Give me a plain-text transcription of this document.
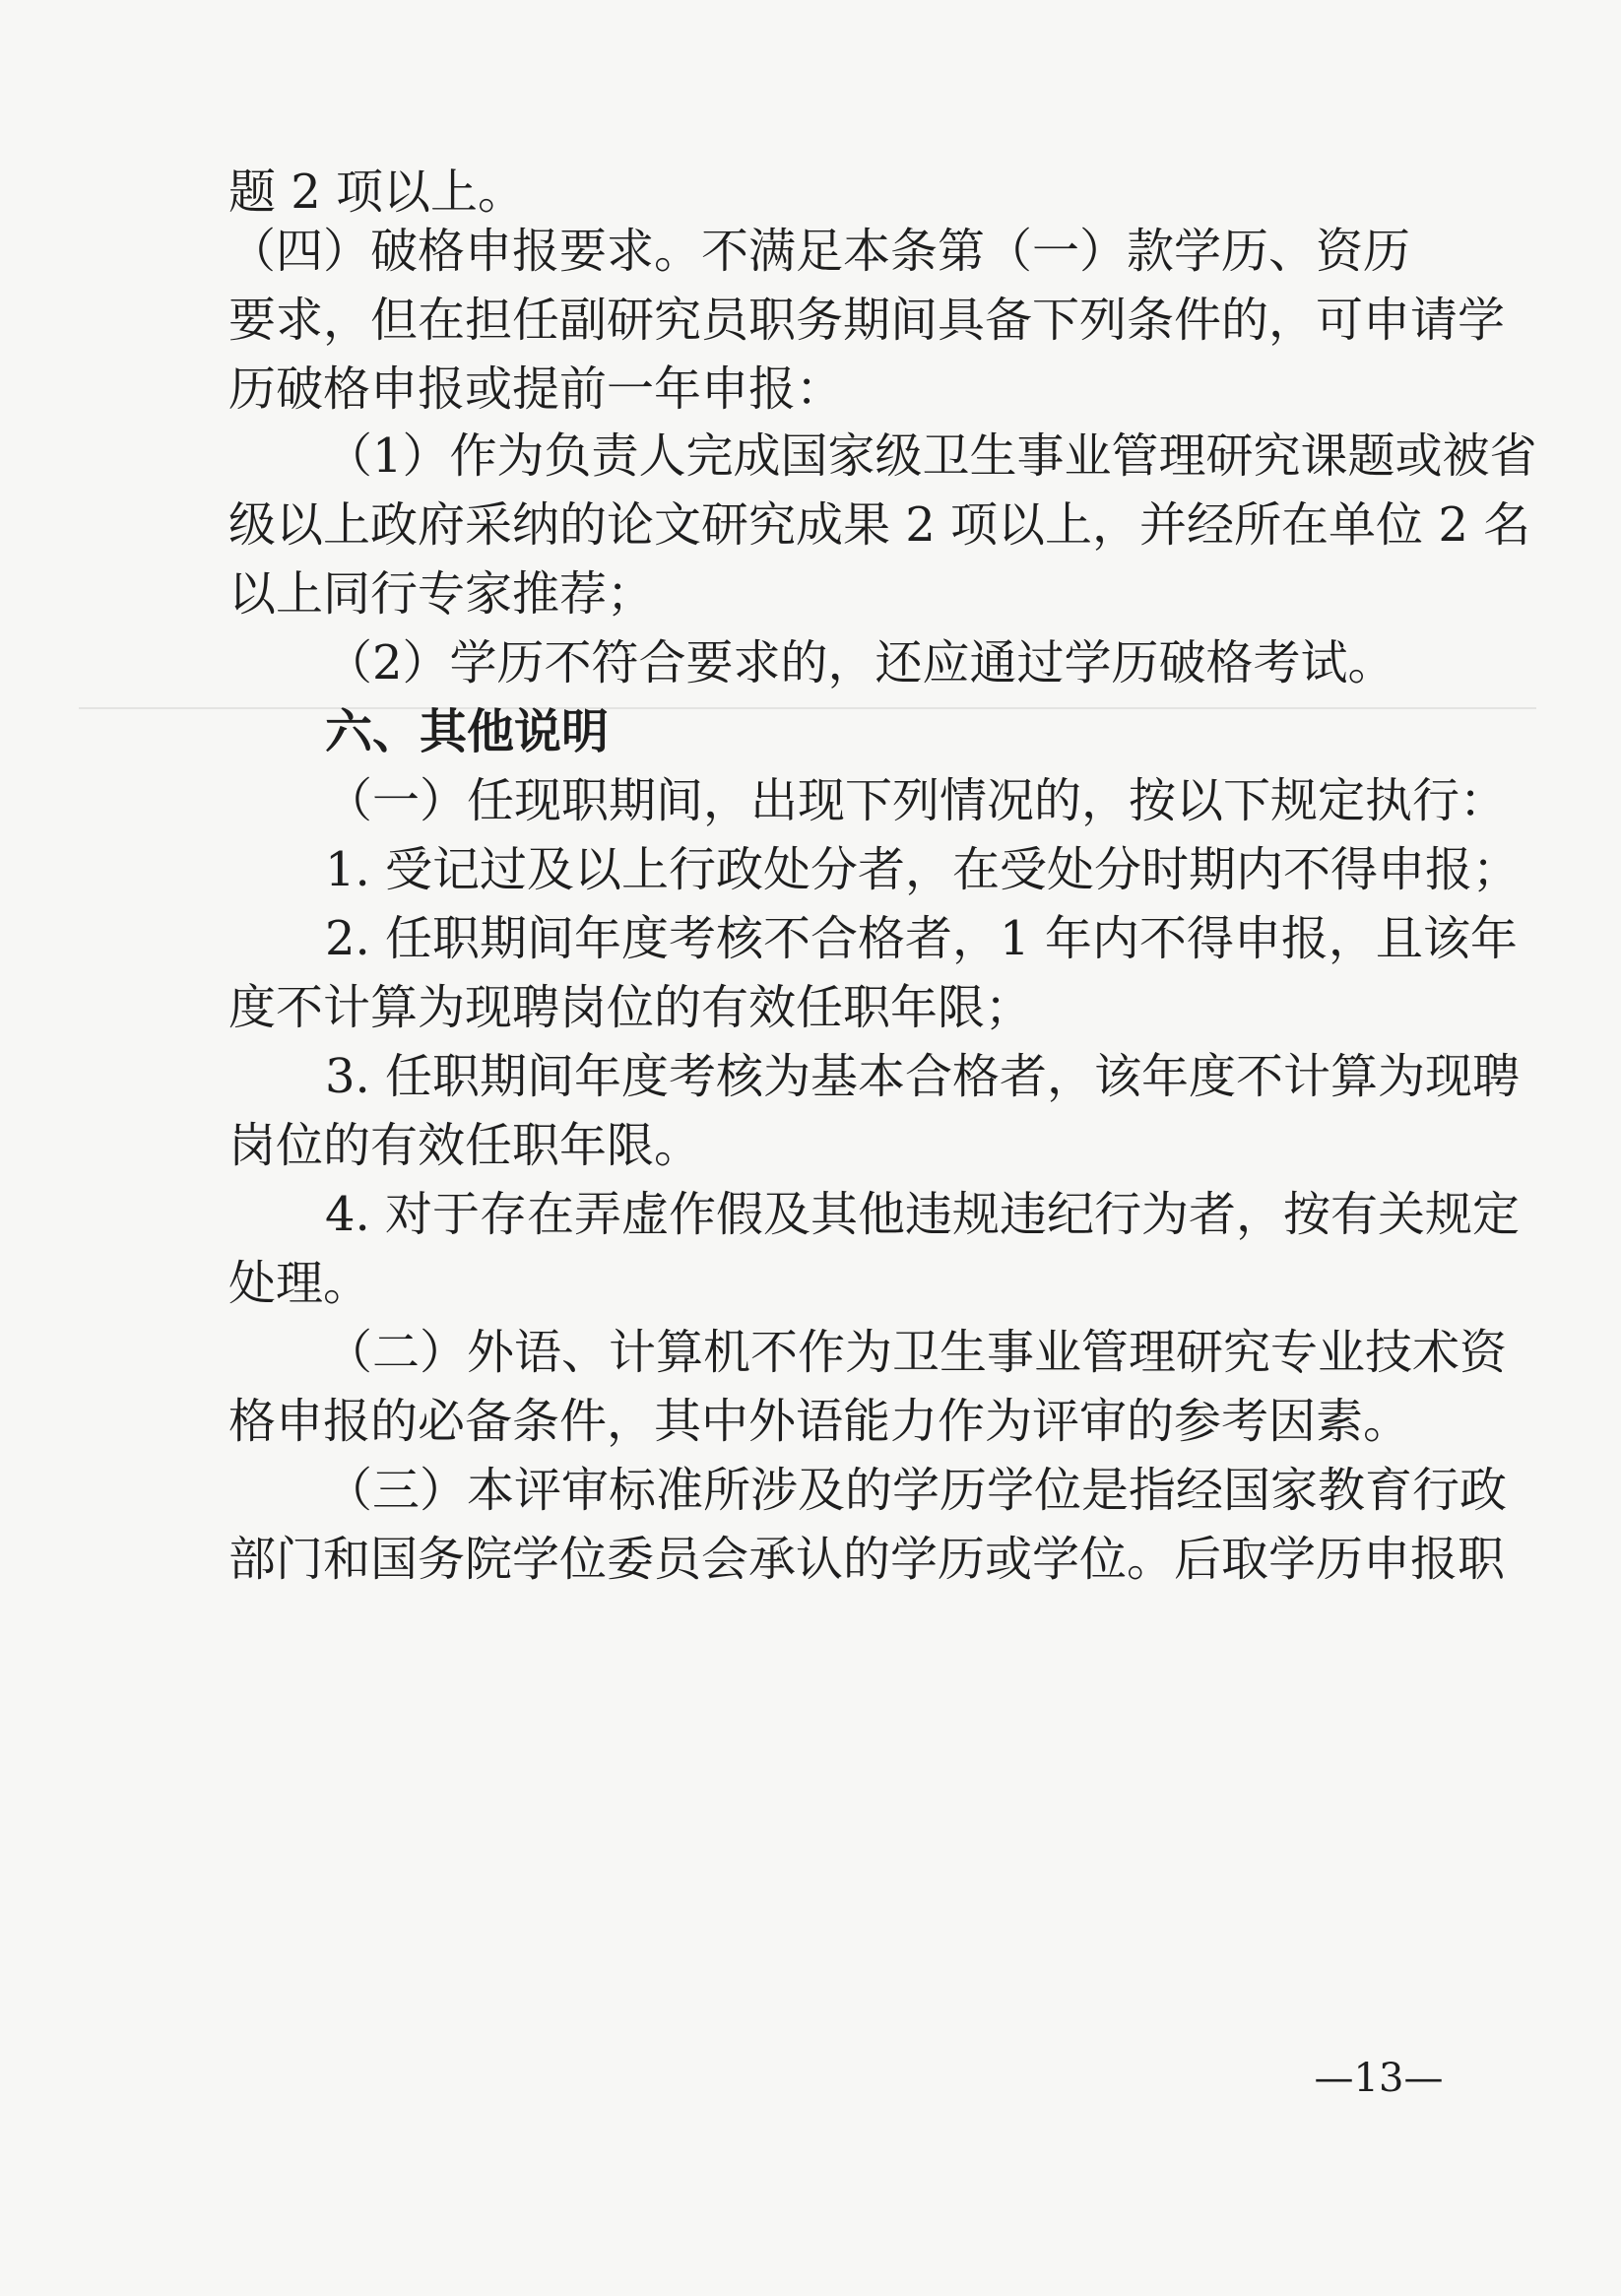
题 2 项以上。
（四）破格申报要求。不满足本条第（一）款学历、资历
要求，但在担任副研究员职务期间具备下列条件的，可申请学
历破格申报或提前一年申报：
（1）作为负责人完成国家级卫生事业管理研究课题或被省
级以上政府采纳的论文研究成果 2 项以上，并经所在单位 2 名
以上同行专家推荐；
（2）学历不符合要求的，还应通过学历破格考试。
六、其他说明
（一）任现职期间，出现下列情况的，按以下规定执行：
1. 受记过及以上行政处分者，在受处分时期内不得申报；
2. 任职期间年度考核不合格者，1 年内不得申报，且该年
度不计算为现聘岗位的有效任职年限；
3. 任职期间年度考核为基本合格者，该年度不计算为现聘
岗位的有效任职年限。
4. 对于存在弄虚作假及其他违规违纪行为者，按有关规定
处理。
（二）外语、计算机不作为卫生事业管理研究专业技术资
格申报的必备条件，其中外语能力作为评审的参考因素。
（三）本评审标准所涉及的学历学位是指经国家教育行政
部门和国务院学位委员会承认的学历或学位。后取学历申报职
—13—
